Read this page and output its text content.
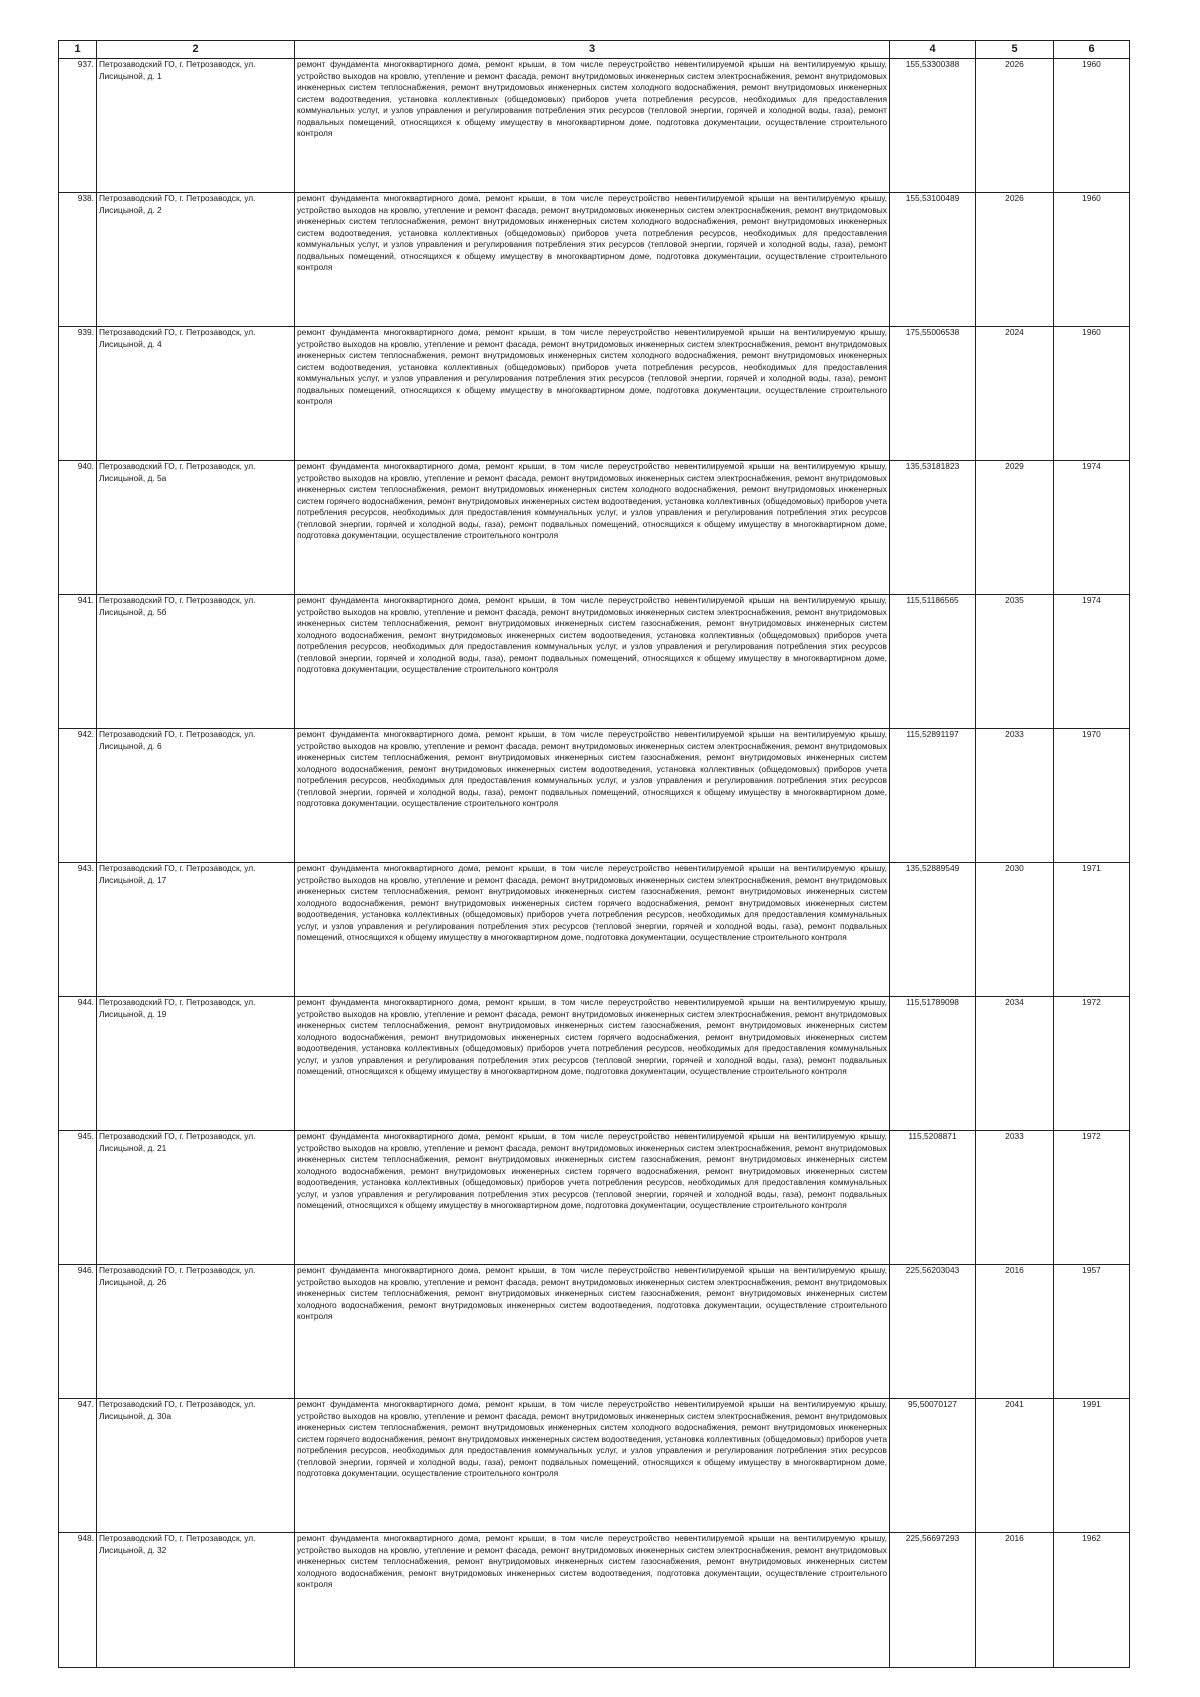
1	2	3	4	5	6
937.	Петрозаводский ГО, г. Петрозаводск, ул. Лисицыной, д. 1	ремонт фундамента многоквартирного дома, ремонт крыши, в том числе переустройство невентилируемой крыши на вентилируемую крышу, устройство выходов на кровлю, утепление и ремонт фасада, ремонт внутридомовых инженерных систем электроснабжения, ремонт внутридомовых инженерных систем теплоснабжения, ремонт внутридомовых инженерных систем холодного водоснабжения, ремонт внутридомовых инженерных систем водоотведения, установка коллективных (общедомовых) приборов учета потребления ресурсов, необходимых для предоставления коммунальных услуг, и узлов управления и регулирования потребления этих ресурсов (тепловой энергии, горячей и холодной воды, газа), ремонт подвальных помещений, относящихся к общему имуществу в многоквартирном доме, подготовка документации, осуществление строительного контроля	155,53300388	2026	1960
938.	Петрозаводский ГО, г. Петрозаводск, ул. Лисицыной, д. 2	ремонт фундамента многоквартирного дома, ремонт крыши, в том числе переустройство невентилируемой крыши на вентилируемую крышу, устройство выходов на кровлю, утепление и ремонт фасада, ремонт внутридомовых инженерных систем электроснабжения, ремонт внутридомовых инженерных систем теплоснабжения, ремонт внутридомовых инженерных систем холодного водоснабжения, ремонт внутридомовых инженерных систем водоотведения, установка коллективных (общедомовых) приборов учета потребления ресурсов, необходимых для предоставления коммунальных услуг, и узлов управления и регулирования потребления этих ресурсов (тепловой энергии, горячей и холодной воды, газа), ремонт подвальных помещений, относящихся к общему имуществу в многоквартирном доме, подготовка документации, осуществление строительного контроля	155,53100489	2026	1960
939.	Петрозаводский ГО, г. Петрозаводск, ул. Лисицыной, д. 4	ремонт фундамента многоквартирного дома, ремонт крыши, в том числе переустройство невентилируемой крыши на вентилируемую крышу, устройство выходов на кровлю, утепление и ремонт фасада, ремонт внутридомовых инженерных систем электроснабжения, ремонт внутридомовых инженерных систем теплоснабжения, ремонт внутридомовых инженерных систем холодного водоснабжения, ремонт внутридомовых инженерных систем водоотведения, установка коллективных (общедомовых) приборов учета потребления ресурсов, необходимых для предоставления коммунальных услуг, и узлов управления и регулирования потребления этих ресурсов (тепловой энергии, горячей и холодной воды, газа), ремонт подвальных помещений, относящихся к общему имуществу в многоквартирном доме, подготовка документации, осуществление строительного контроля	175,55006538	2024	1960
940.	Петрозаводский ГО, г. Петрозаводск, ул. Лисицыной, д. 5а	ремонт фундамента многоквартирного дома, ремонт крыши, в том числе переустройство невентилируемой крыши на вентилируемую крышу, устройство выходов на кровлю, утепление и ремонт фасада, ремонт внутридомовых инженерных систем электроснабжения, ремонт внутридомовых инженерных систем теплоснабжения, ремонт внутридомовых инженерных систем холодного водоснабжения, ремонт внутридомовых инженерных систем горячего водоснабжения, ремонт внутридомовых инженерных систем водоотведения, установка коллективных (общедомовых) приборов учета потребления ресурсов, необходимых для предоставления коммунальных услуг, и узлов управления и регулирования потребления этих ресурсов (тепловой энергии, горячей и холодной воды, газа), ремонт подвальных помещений, относящихся к общему имуществу в многоквартирном доме, подготовка документации, осуществление строительного контроля	135,53181823	2029	1974
941.	Петрозаводский ГО, г. Петрозаводск, ул. Лисицыной, д. 5б	ремонт фундамента многоквартирного дома, ремонт крыши, в том числе переустройство невентилируемой крыши на вентилируемую крышу, устройство выходов на кровлю, утепление и ремонт фасада, ремонт внутридомовых инженерных систем электроснабжения, ремонт внутридомовых инженерных систем теплоснабжения, ремонт внутридомовых инженерных систем газоснабжения, ремонт внутридомовых инженерных систем холодного водоснабжения, ремонт внутридомовых инженерных систем водоотведения, установка коллективных (общедомовых) приборов учета потребления ресурсов, необходимых для предоставления коммунальных услуг, и узлов управления и регулирования потребления этих ресурсов (тепловой энергии, горячей и холодной воды, газа), ремонт подвальных помещений, относящихся к общему имуществу в многоквартирном доме, подготовка документации, осуществление строительного контроля	115,51186565	2035	1974
942.	Петрозаводский ГО, г. Петрозаводск, ул. Лисицыной, д. 6	ремонт фундамента многоквартирного дома, ремонт крыши, в том числе переустройство невентилируемой крыши на вентилируемую крышу, устройство выходов на кровлю, утепление и ремонт фасада, ремонт внутридомовых инженерных систем электроснабжения, ремонт внутридомовых инженерных систем теплоснабжения, ремонт внутридомовых инженерных систем газоснабжения, ремонт внутридомовых инженерных систем холодного водоснабжения, ремонт внутридомовых инженерных систем водоотведения, установка коллективных (общедомовых) приборов учета потребления ресурсов, необходимых для предоставления коммунальных услуг, и узлов управления и регулирования потребления этих ресурсов (тепловой энергии, горячей и холодной воды, газа), ремонт подвальных помещений, относящихся к общему имуществу в многоквартирном доме, подготовка документации, осуществление строительного контроля	115,52891197	2033	1970
943.	Петрозаводский ГО, г. Петрозаводск, ул. Лисицыной, д. 17	ремонт фундамента многоквартирного дома, ремонт крыши, в том числе переустройство невентилируемой крыши на вентилируемую крышу, устройство выходов на кровлю, утепление и ремонт фасада, ремонт внутридомовых инженерных систем электроснабжения, ремонт внутридомовых инженерных систем теплоснабжения, ремонт внутридомовых инженерных систем газоснабжения, ремонт внутридомовых инженерных систем холодного водоснабжения, ремонт внутридомовых инженерных систем горячего водоснабжения, ремонт внутридомовых инженерных систем водоотведения, установка коллективных (общедомовых) приборов учета потребления ресурсов, необходимых для предоставления коммунальных услуг, и узлов управления и регулирования потребления этих ресурсов (тепловой энергии, горячей и холодной воды, газа), ремонт подвальных помещений, относящихся к общему имуществу в многоквартирном доме, подготовка документации, осуществление строительного контроля	135,52889549	2030	1971
944.	Петрозаводский ГО, г. Петрозаводск, ул. Лисицыной, д. 19	ремонт фундамента многоквартирного дома, ремонт крыши, в том числе переустройство невентилируемой крыши на вентилируемую крышу, устройство выходов на кровлю, утепление и ремонт фасада, ремонт внутридомовых инженерных систем электроснабжения, ремонт внутридомовых инженерных систем теплоснабжения, ремонт внутридомовых инженерных систем газоснабжения, ремонт внутридомовых инженерных систем холодного водоснабжения, ремонт внутридомовых инженерных систем горячего водоснабжения, ремонт внутридомовых инженерных систем водоотведения, установка коллективных (общедомовых) приборов учета потребления ресурсов, необходимых для предоставления коммунальных услуг, и узлов управления и регулирования потребления этих ресурсов (тепловой энергии, горячей и холодной воды, газа), ремонт подвальных помещений, относящихся к общему имуществу в многоквартирном доме, подготовка документации, осуществление строительного контроля	115,51789098	2034	1972
945.	Петрозаводский ГО, г. Петрозаводск, ул. Лисицыной, д. 21	ремонт фундамента многоквартирного дома, ремонт крыши, в том числе переустройство невентилируемой крыши на вентилируемую крышу, устройство выходов на кровлю, утепление и ремонт фасада, ремонт внутридомовых инженерных систем электроснабжения, ремонт внутридомовых инженерных систем теплоснабжения, ремонт внутридомовых инженерных систем газоснабжения, ремонт внутридомовых инженерных систем холодного водоснабжения, ремонт внутридомовых инженерных систем горячего водоснабжения, ремонт внутридомовых инженерных систем водоотведения, установка коллективных (общедомовых) приборов учета потребления ресурсов, необходимых для предоставления коммунальных услуг, и узлов управления и регулирования потребления этих ресурсов (тепловой энергии, горячей и холодной воды, газа), ремонт подвальных помещений, относящихся к общему имуществу в многоквартирном доме, подготовка документации, осуществление строительного контроля	115,5208871	2033	1972
946.	Петрозаводский ГО, г. Петрозаводск, ул. Лисицыной, д. 26	ремонт фундамента многоквартирного дома, ремонт крыши, в том числе переустройство невентилируемой крыши на вентилируемую крышу, устройство выходов на кровлю, утепление и ремонт фасада, ремонт внутридомовых инженерных систем электроснабжения, ремонт внутридомовых инженерных систем теплоснабжения, ремонт внутридомовых инженерных систем газоснабжения, ремонт внутридомовых инженерных систем холодного водоснабжения, ремонт внутридомовых инженерных систем водоотведения, подготовка документации, осуществление строительного контроля	225,56203043	2016	1957
947.	Петрозаводский ГО, г. Петрозаводск, ул. Лисицыной, д. 30а	ремонт фундамента многоквартирного дома, ремонт крыши, в том числе переустройство невентилируемой крыши на вентилируемую крышу, устройство выходов на кровлю, утепление и ремонт фасада, ремонт внутридомовых инженерных систем электроснабжения, ремонт внутридомовых инженерных систем теплоснабжения, ремонт внутридомовых инженерных систем холодного водоснабжения, ремонт внутридомовых инженерных систем горячего водоснабжения, ремонт внутридомовых инженерных систем водоотведения, установка коллективных (общедомовых) приборов учета потребления ресурсов, необходимых для предоставления коммунальных услуг, и узлов управления и регулирования потребления этих ресурсов (тепловой энергии, горячей и холодной воды, газа), ремонт подвальных помещений, относящихся к общему имуществу в многоквартирном доме, подготовка документации, осуществление строительного контроля	95,50070127	2041	1991
948.	Петрозаводский ГО, г. Петрозаводск, ул. Лисицыной, д. 32	ремонт фундамента многоквартирного дома, ремонт крыши, в том числе переустройство невентилируемой крыши на вентилируемую крышу, устройство выходов на кровлю, утепление и ремонт фасада, ремонт внутридомовых инженерных систем электроснабжения, ремонт внутридомовых инженерных систем теплоснабжения, ремонт внутридомовых инженерных систем газоснабжения, ремонт внутридомовых инженерных систем холодного водоснабжения, ремонт внутридомовых инженерных систем водоотведения, подготовка документации, осуществление строительного контроля	225,56697293	2016	1962
